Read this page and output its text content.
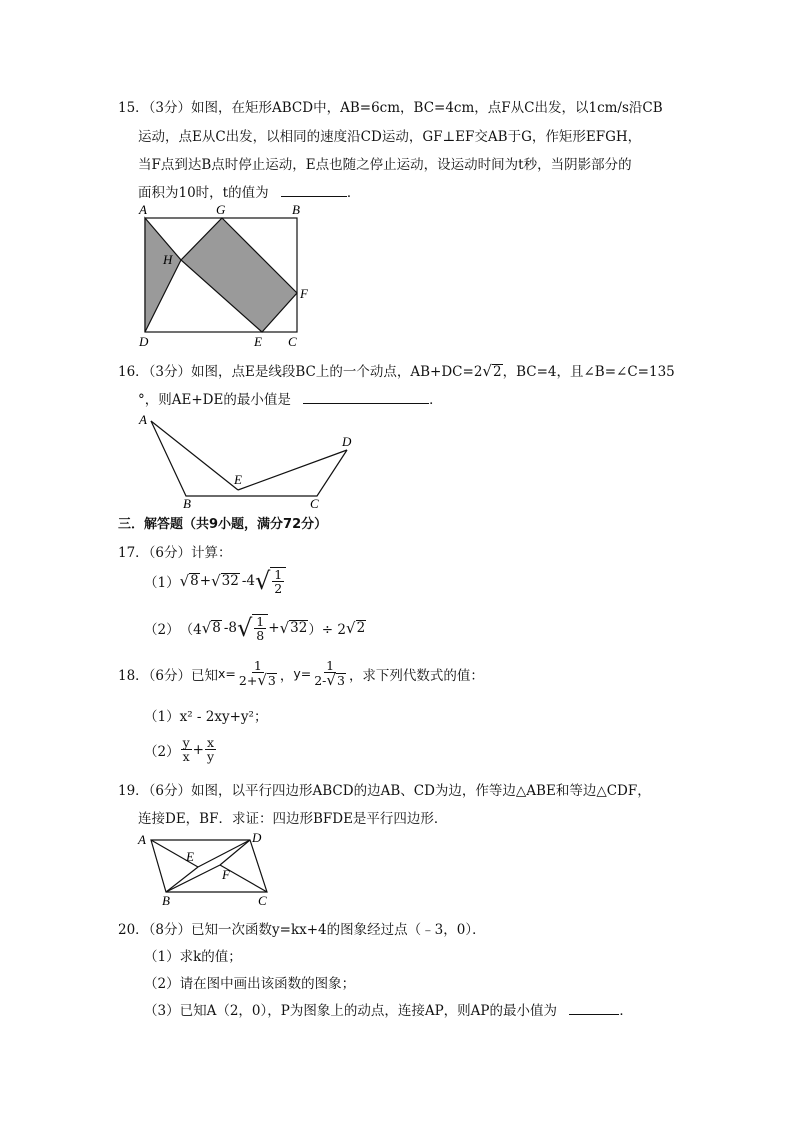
15．（3分）如图，在矩形ABCD中，AB=6cm，BC=4cm，点F从C出发，以1cm/s沿CB
运动，点E从C出发，以相同的速度沿CD运动，GF⊥EF交AB于G，作矩形EFGH，
当F点到达B点时停止运动，E点也随之停止运动，设运动时间为t秒，当阴影部分的
面积为10时，t的值为	．
A	G	B
H
F
D	E C
16．（3分）如图，点E是线段BC上的一个动点，AB+DC=2√2，BC=4，且∠B=∠C=135
°，则AE+DE的最小值是	．
A
D
E
B	C
三．解答题（共9小题，满分72分）
17．（6分）计算：
（1） √ 8 + √ 32 -4 √ $\frac{1}{2}$
（2） （4 √ 8 -8 √ $\frac{1}{8}$ + √ 32 ）÷ 2 √ 2
18．（6分）已知 $x= \frac{1}{2+√3}$ ， $y= \frac{1}{2-√3}$ ，求下列代数式的值：
（1）x² - 2xy+y²；
$(2) \frac{y}{x} + \frac{x}{y}$
19．（6分）如图，以平行四边形ABCD的边AB、CD为边，作等边△ABE和等边△CDF，
连接DE，BF．求证：四边形BFDE是平行四边形．
A	D
E
F
B	C
20．（8分）已知一次函数y=kx+4的图象经过点（﹣3，0）．
（1）求k的值；
（2）请在图中画出该函数的图象；
（3）已知A（2，0），P为图象上的动点，连接AP，则AP的最小值为	．
